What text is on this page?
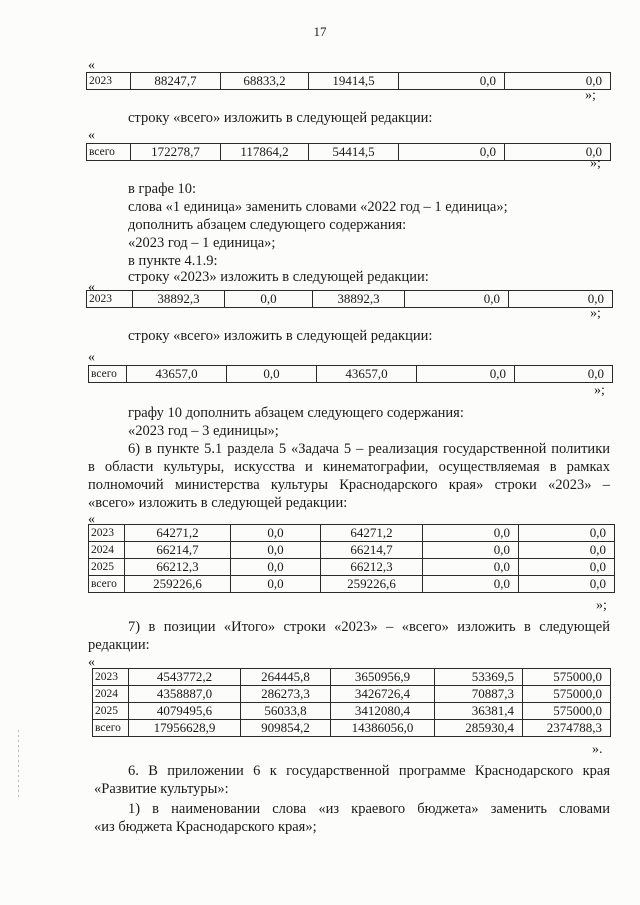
17
«
2023	88247,7	68833,2	19414,5	0,0	0,0
»;
строку «всего» изложить в следующей редакции:
«
всего	172278,7	117864,2	54414,5	0,0	0,0
»;
в графе 10:
слова «1 единица» заменить словами «2022 год – 1 единица»;
дополнить абзацем следующего содержания:
«2023 год – 1 единица»;
в пункте 4.1.9:
строку «2023» изложить в следующей редакции:
«
2023	38892,3	0,0	38892,3	0,0	0,0
»;
строку «всего» изложить в следующей редакции:
«
всего	43657,0	0,0	43657,0	0,0	0,0
»;
графу 10 дополнить абзацем следующего содержания:
«2023 год – 3 единицы»;
6) в пункте 5.1 раздела 5 «Задача 5 – реализация государственной политики
в области культуры, искусства и кинематографии, осуществляемая в рамках
полномочий министерства культуры Краснодарского края» строки «2023» –
«всего» изложить в следующей редакции:
«
2023	64271,2	0,0	64271,2	0,0	0,0
2024	66214,7	0,0	66214,7	0,0	0,0
2025	66212,3	0,0	66212,3	0,0	0,0
всего	259226,6	0,0	259226,6	0,0	0,0
»;
7) в позиции «Итого» строки «2023» – «всего» изложить в следующей
редакции:
«
2023	4543772,2	264445,8	3650956,9	53369,5	575000,0
2024	4358887,0	286273,3	3426726,4	70887,3	575000,0
2025	4079495,6	56033,8	3412080,4	36381,4	575000,0
всего	17956628,9	909854,2	14386056,0	285930,4	2374788,3
».
6. В приложении 6 к государственной программе Краснодарского края
«Развитие культуры»:
1) в наименовании слова «из краевого бюджета» заменить словами
«из бюджета Краснодарского края»;
